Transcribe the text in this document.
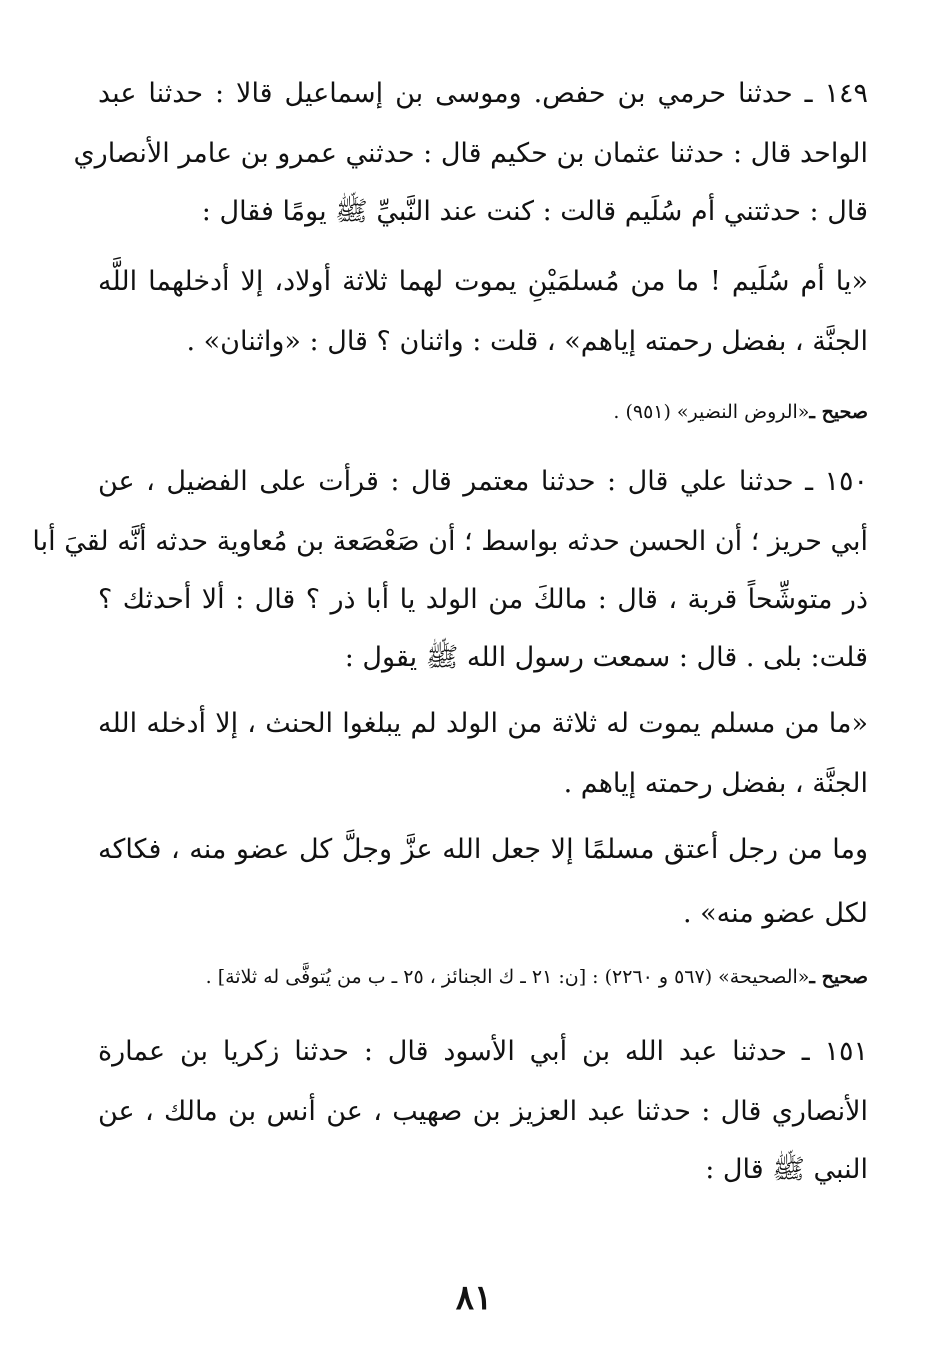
١٤٩ ـ حدثنا حرمي بن حفص. وموسى بن إسماعيل قالا : حدثنا عبد
الواحد قال : حدثنا عثمان بن حكيم قال : حدثني عمرو بن عامر الأنصاري
قال : حدثتني أم سُلَيم قالت : كنت عند النَّبيِّ ﷺ يومًا فقال :
«يا أم سُلَيم ! ما من مُسلمَيْنِ يموت لهما ثلاثة أولاد، إلا أدخلهما اللَّه
الجنَّة ، بفضل رحمته إياهم» ، قلت : واثنان ؟ قال : «واثنان» .
صحيح ـ«الروض النضير» (٩٥١) .
١٥٠ ـ حدثنا علي قال : حدثنا معتمر قال : قرأت على الفضيل ، عن
أبي حريز ؛ أن الحسن حدثه بواسط ؛ أن صَعْصَعة بن مُعاوية حدثه أنَّه لقيَ أبا
ذر متوشِّحاً قربة ، قال : مالكَ من الولد يا أبا ذر ؟ قال : ألا أحدثك ؟
قلت: بلى . قال : سمعت رسول الله ﷺ يقول :
«ما من مسلم يموت له ثلاثة من الولد لم يبلغوا الحنث ، إلا أدخله الله
الجنَّة ، بفضل رحمته إياهم .
وما من رجل أعتق مسلمًا إلا جعل الله عزَّ وجلَّ كل عضو منه ، فكاكه
لكل عضو منه» .
صحيح ـ«الصحيحة» (٥٦٧ و ٢٢٦٠) : [ن: ٢١ ـ ك الجنائز ، ٢٥ ـ ب من يُتوفَّى له ثلاثة] .
١٥١ ـ حدثنا عبد الله بن أبي الأسود قال : حدثنا زكريا بن عمارة
الأنصاري قال : حدثنا عبد العزيز بن صهيب ، عن أنس بن مالك ، عن
النبي ﷺ قال :
٨١
